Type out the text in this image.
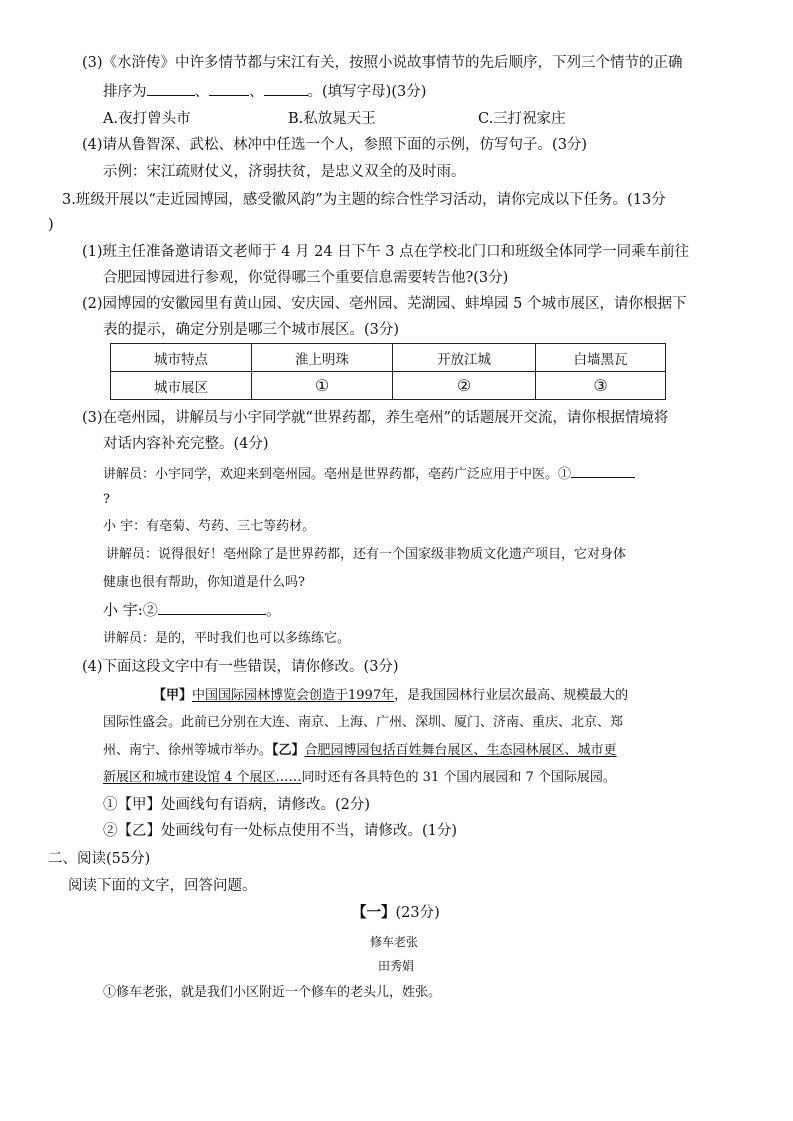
(3)《水浒传》中许多情节都与宋江有关，按照小说故事情节的先后顺序，下列三个情节的正确
排序为	、	、	。(填写字母)(3分)
A.夜打曾头市	B.私放晁天王	C.三打祝家庄
(4)请从鲁智深、武松、林冲中任选一个人，参照下面的示例，仿写句子。(3分)
示例：宋江疏财仗义，济弱扶贫，是忠义双全的及时雨。
3.班级开展以“走近园博园，感受徽风韵”为主题的综合性学习活动，请你完成以下任务。(13分
)
(1)班主任准备邀请语文老师于 4 月 24 日下午 3 点在学校北门口和班级全体同学一同乘车前往
合肥园博园进行参观，你觉得哪三个重要信息需要转告他?(3分)
(2)园博园的安徽园里有黄山园、安庆园、亳州园、芜湖园、蚌埠园 5 个城市展区，请你根据下
表的提示，确定分别是哪三个城市展区。(3分)
城市特点	淮上明珠	开放江城	白墙黑瓦
城市展区	①	②	③
(3)在亳州园，讲解员与小宇同学就“世界药都，养生亳州”的话题展开交流，请你根据情境将
对话内容补充完整。(4分)
讲解员：小宇同学，欢迎来到亳州园。亳州是世界药都，亳药广泛应用于中医。①
?
小 宇：有亳菊、芍药、三七等药材。
讲解员：说得很好！亳州除了是世界药都，还有一个国家级非物质文化遗产项目，它对身体
健康也很有帮助，你知道是什么吗?
小 宇:②	。
讲解员：是的，平时我们也可以多练练它。
(4)下面这段文字中有一些错误，请你修改。(3分)
【甲】中国国际园林博览会创造于1997年，是我国园林行业层次最高、规模最大的
国际性盛会。此前已分别在大连、南京、上海、广州、深圳、厦门、济南、重庆、北京、郑
州、南宁、徐州等城市举办。【乙】合肥园博园包括百姓舞台展区、生态园林展区、城市更
新展区和城市建设馆 4 个展区……同时还有各具特色的 31 个国内展园和 7 个国际展园。
①【甲】处画线句有语病，请修改。(2分)
②【乙】处画线句有一处标点使用不当，请修改。(1分)
二、阅读(55分)
阅读下面的文字，回答问题。
【一】(23分)
修车老张
田秀娟
①修车老张，就是我们小区附近一个修车的老头儿，姓张。
